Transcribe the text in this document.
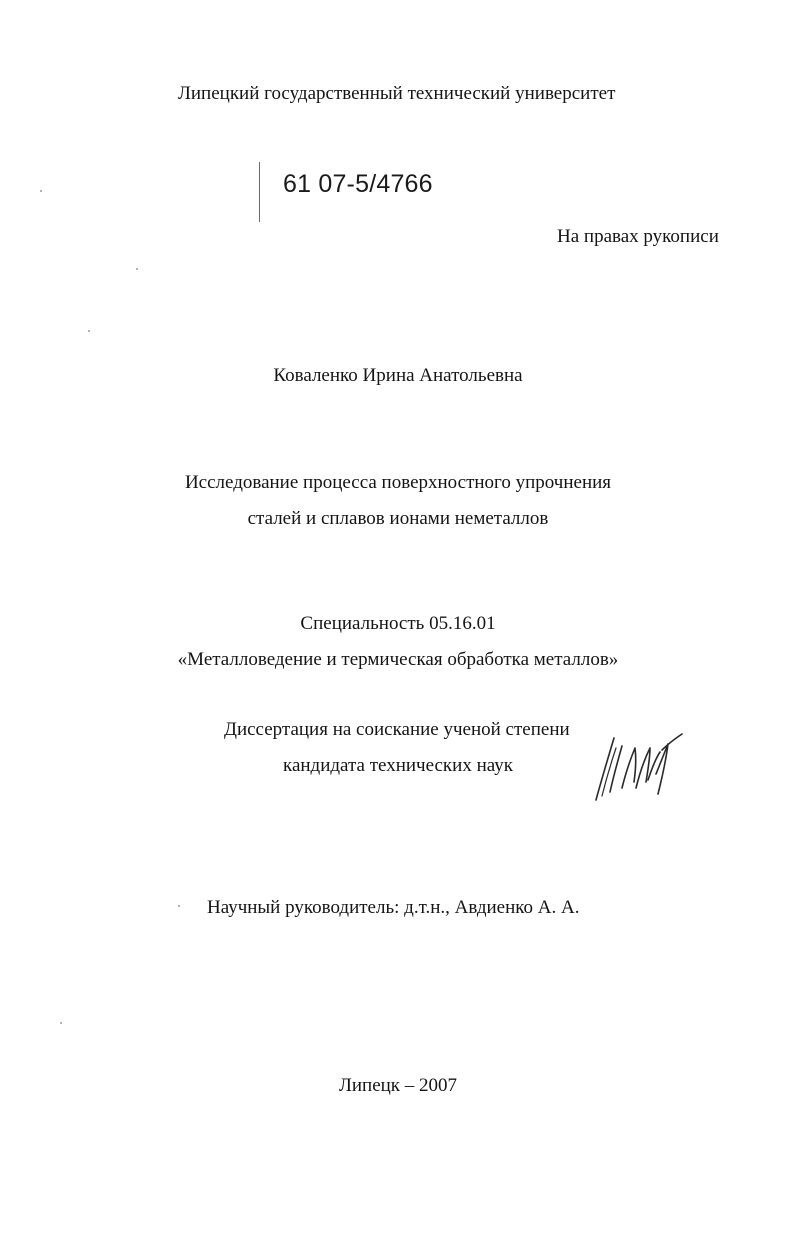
Липецкий государственный технический университет
61 07-5/4766
На правах рукописи
Коваленко Ирина Анатольевна
Исследование процесса поверхностного упрочнения
сталей и сплавов ионами неметаллов
Специальность 05.16.01
«Металловедение и термическая обработка металлов»
Диссертация на соискание ученой степени
кандидата технических наук
Научный руководитель: д.т.н., Авдиенко А. А.
Липецк – 2007
